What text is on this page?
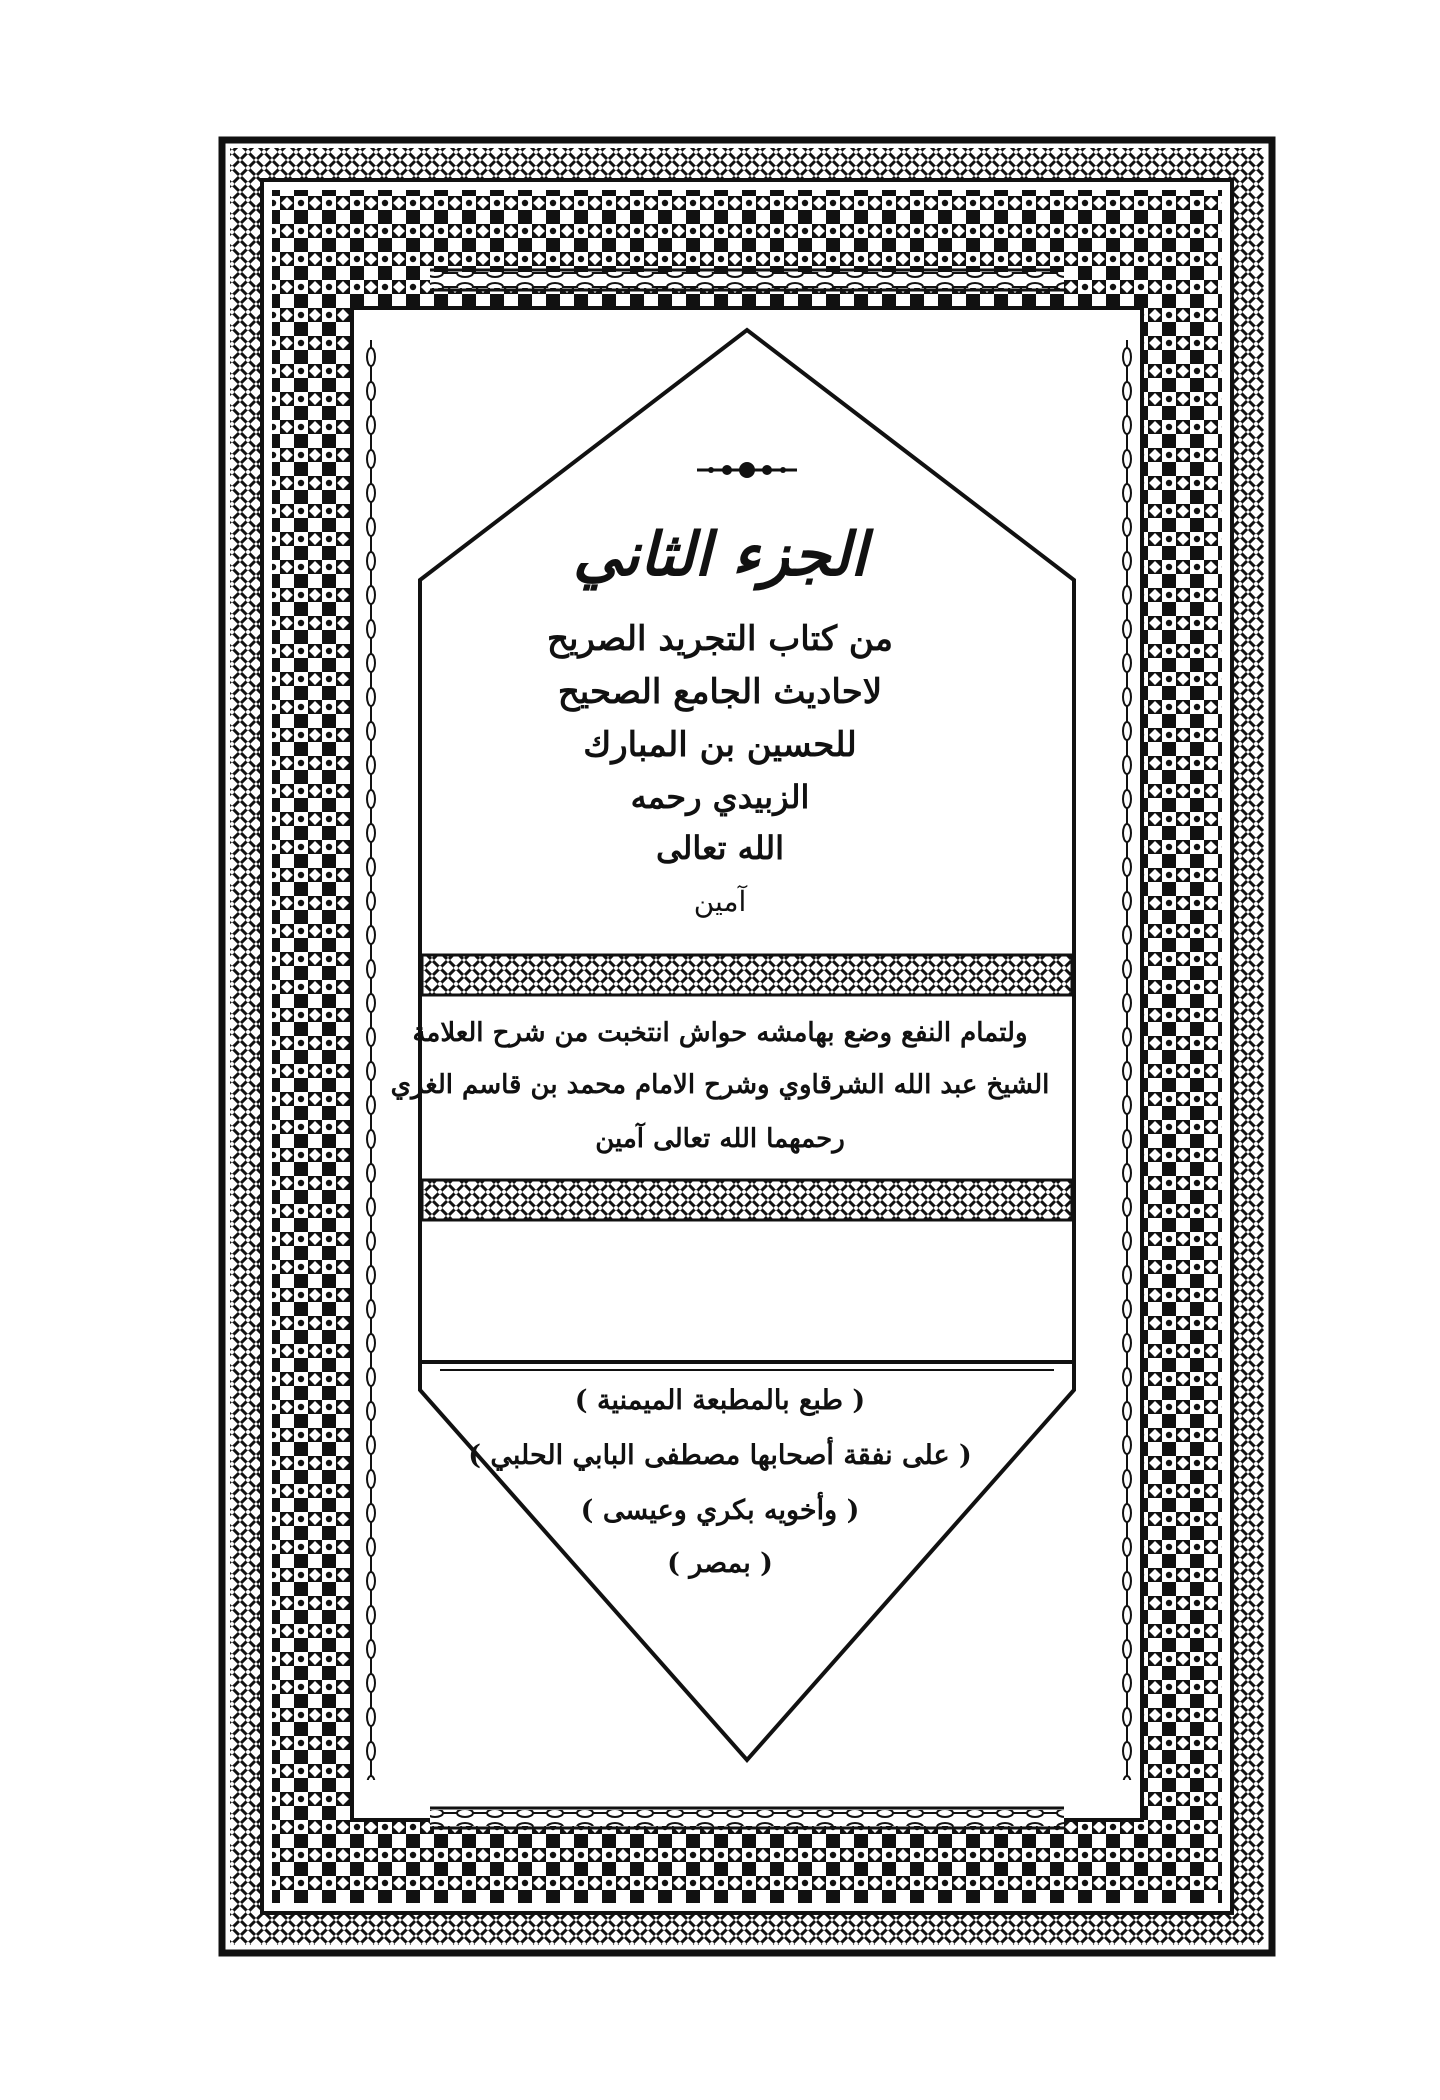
الجزء الثاني
من كتاب التجريد الصريح
لاحاديث الجامع الصحيح
للحسين بن المبارك
الزبيدي رحمه
الله تعالى
آمين
ولتمام النفع وضع بهامشه حواش انتخبت من شرح العلامة
الشيخ عبد الله الشرقاوي وشرح الامام محمد بن قاسم الغزي
رحمهما الله تعالى آمين
( طبع بالمطبعة الميمنية )
( على نفقة أصحابها مصطفى البابي الحلبي )
( وأخويه بكري وعيسى )
( بمصر )
